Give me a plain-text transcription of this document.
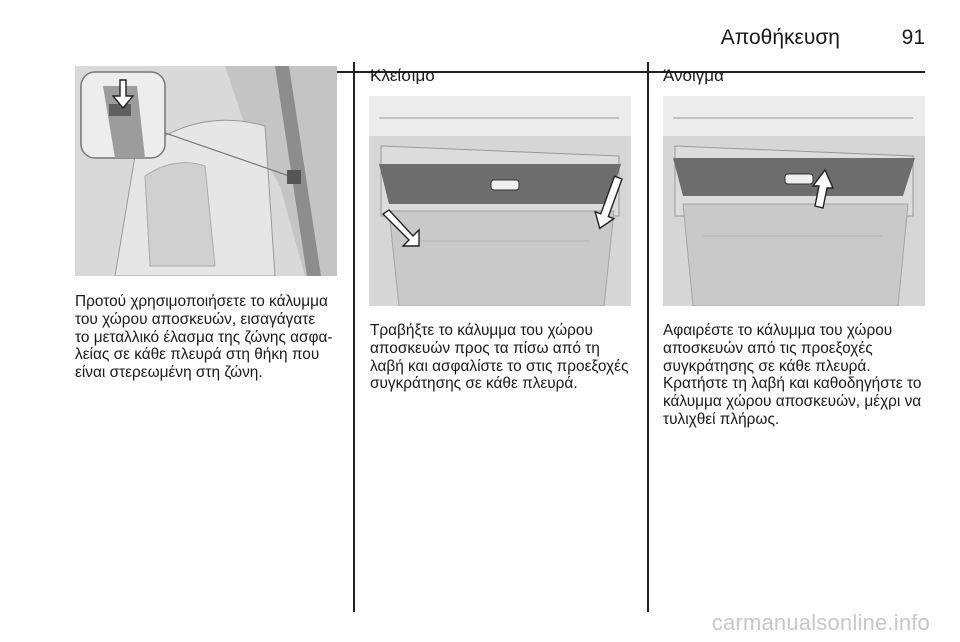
Αποθήκευση	91
Προτού χρησιμοποιήσετε το κάλυμμα
του χώρου αποσκευών, εισαγάγατε
το μεταλλικό έλασμα της ζώνης ασφα-
λείας σε κάθε πλευρά στη θήκη που
είναι στερεωμένη στη ζώνη.
Κλείσιμο
Τραβήξτε το κάλυμμα του χώρου
αποσκευών προς τα πίσω από τη
λαβή και ασφαλίστε το στις προεξοχές
συγκράτησης σε κάθε πλευρά.
Άνοιγμα
Αφαιρέστε το κάλυμμα του χώρου
αποσκευών από τις προεξοχές
συγκράτησης σε κάθε πλευρά.
Κρατήστε τη λαβή και καθοδηγήστε το
κάλυμμα χώρου αποσκευών, μέχρι να
τυλιχθεί πλήρως.
carmanualsonline.info
